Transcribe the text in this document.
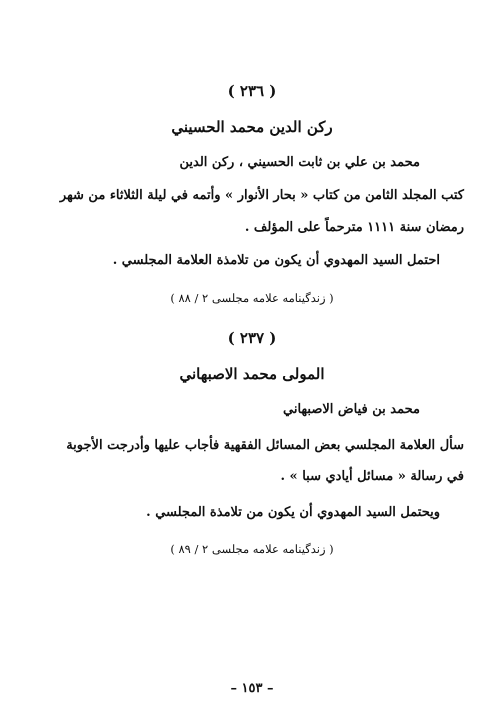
( ٢٣٦ )
ركن الدين محمد الحسيني
محمد بن علي بن ثابت الحسيني ، ركن الدين
كتب المجلد الثامن من كتاب « بحار الأنوار » وأتمه في ليلة الثلاثاء من شهر
رمضان سنة ١١١١ مترحماً على المؤلف .
احتمل السيد المهدوي أن يكون من تلامذة العلامة المجلسي .
( زندگينامه علامه مجلسى ٢ / ٨٨ )
( ٢٣٧ )
المولى محمد الاصبهاني
محمد بن فياض الاصبهاني
سأل العلامة المجلسي بعض المسائل الفقهية فأجاب عليها وأدرجت الأجوبة
في رسالة « مسائل أيادي سبا » .
ويحتمل السيد المهدوي أن يكون من تلامذة المجلسي .
( زندگينامه علامه مجلسى ٢ / ٨٩ )
– ١٥٣ –
